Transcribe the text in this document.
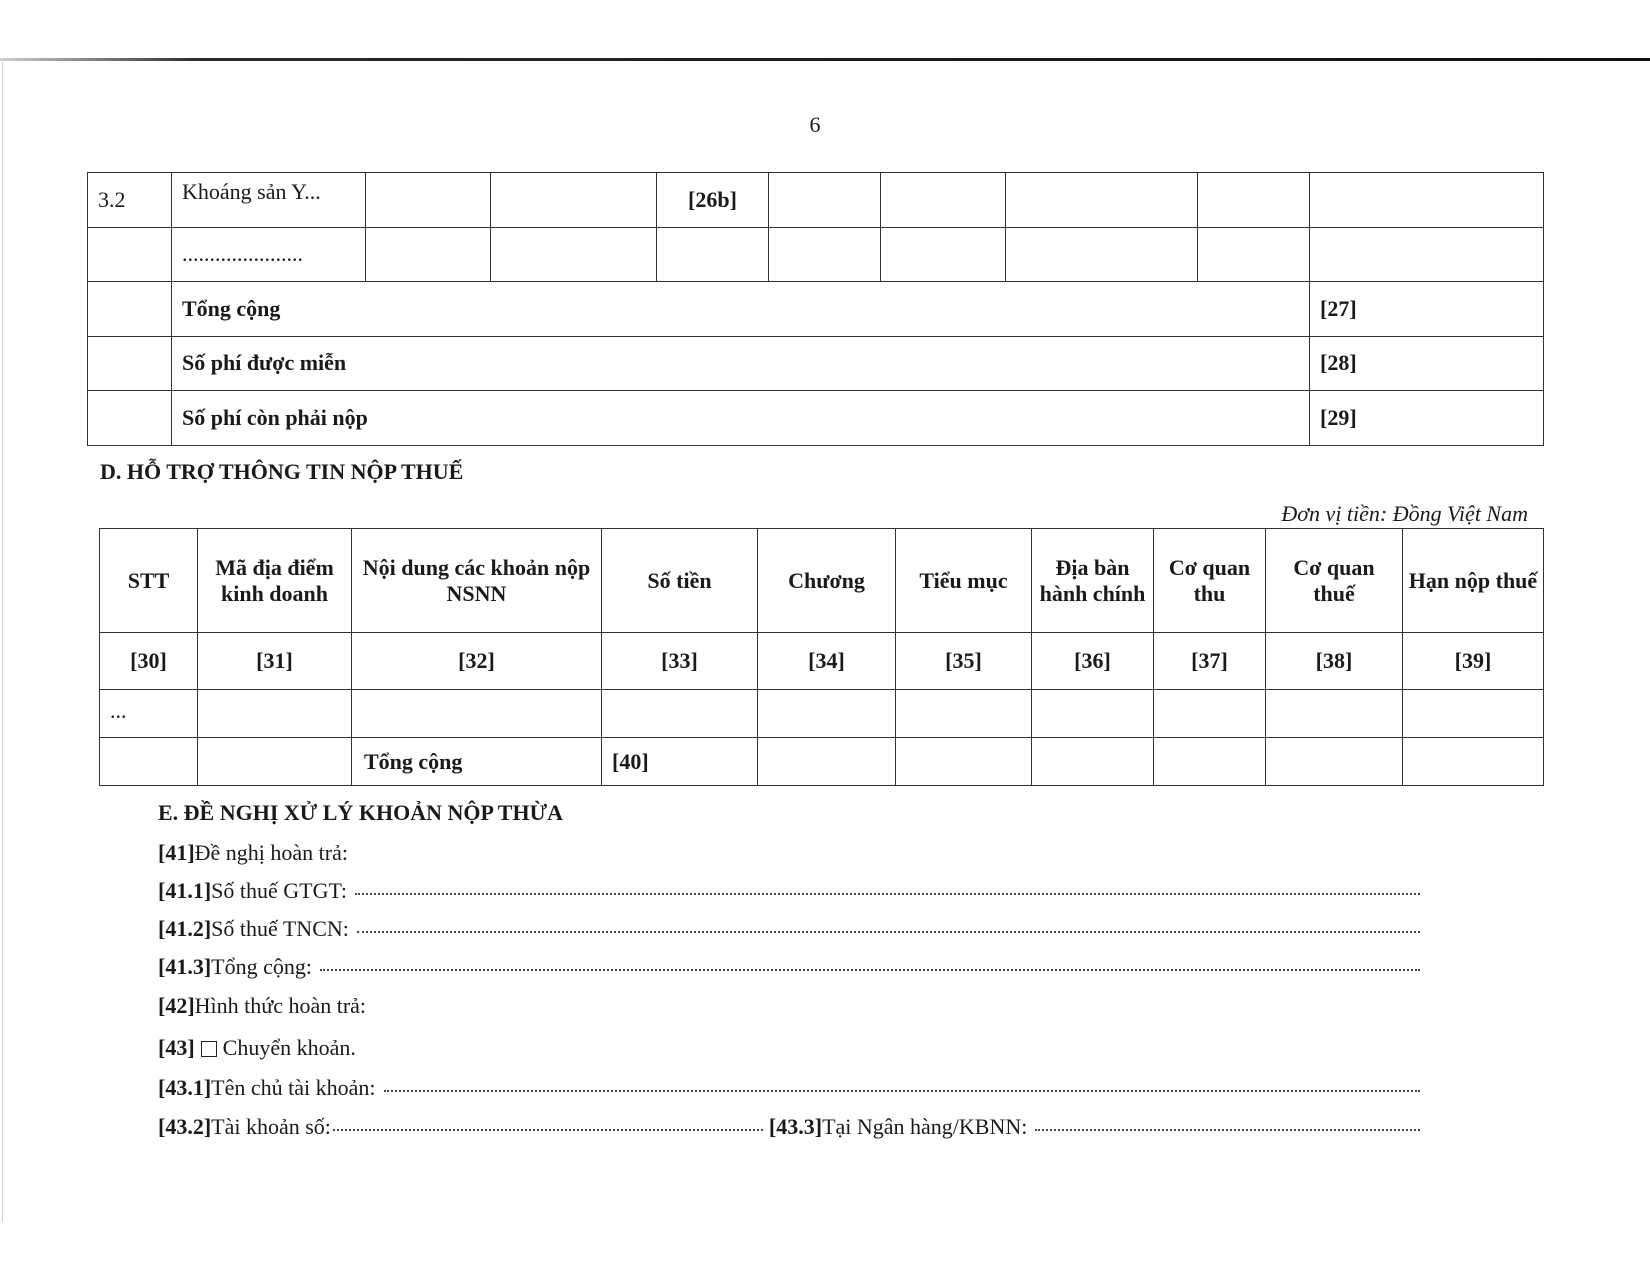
6
3.2	Khoáng sản Y...			[26b]					
	......................								
	Tổng cộng								[27]
	Số phí được miễn								[28]
	Số phí còn phải nộp								[29]
D. HỖ TRỢ THÔNG TIN NỘP THUẾ
Đơn vị tiền: Đồng Việt Nam
STT	Mã địa điểm kinh doanh	Nội dung các khoản nộp NSNN	Số tiền	Chương	Tiểu mục	Địa bàn hành chính	Cơ quan thu	Cơ quan thuế	Hạn nộp thuế
[30]	[31]	[32]	[33]	[34]	[35]	[36]	[37]	[38]	[39]
...									
		Tổng cộng	[40]						
E. ĐỀ NGHỊ XỬ LÝ KHOẢN NỘP THỪA
[41] Đề nghị hoàn trả:
[41.1] Số thuế GTGT:
[41.2] Số thuế TNCN:
[41.3] Tổng cộng:
[42] Hình thức hoàn trả:
[43] Chuyển khoản.
[43.1] Tên chủ tài khoản:
[43.2] Tài khoản số:	[43.3] Tại Ngân hàng/KBNN:
